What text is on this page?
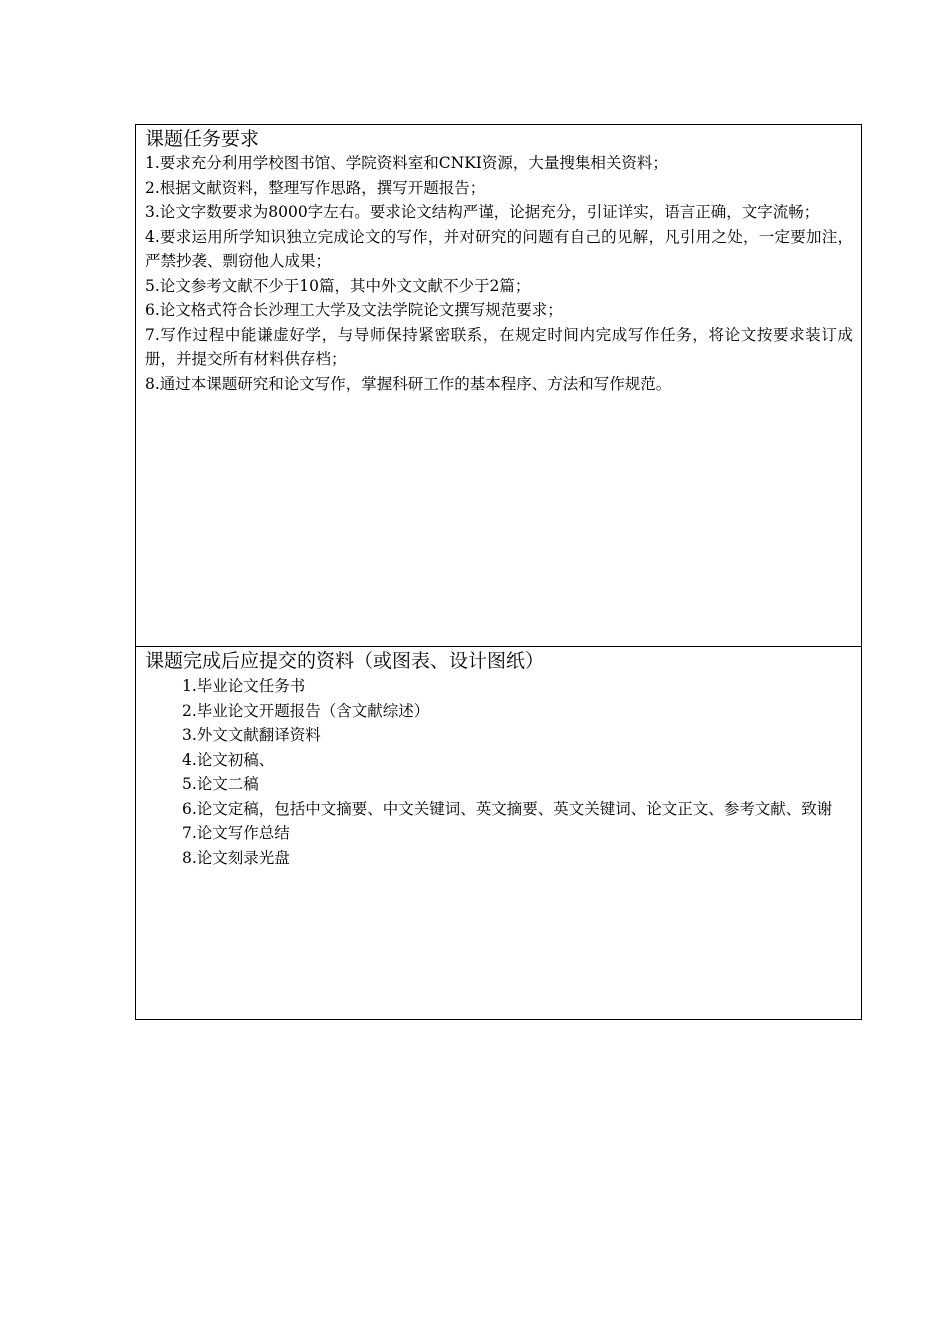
课题任务要求

1.要求充分利用学校图书馆、学院资料室和CNKI资源，大量搜集相关资料；

2.根据文献资料，整理写作思路，撰写开题报告；

3.论文字数要求为8000字左右。要求论文结构严谨，论据充分，引证详实，语言正确，文字流畅；

4.要求运用所学知识独立完成论文的写作，并对研究的问题有自己的见解，凡引用之处，一定要加注，严禁抄袭、剽窃他人成果；

5.论文参考文献不少于10篇，其中外文文献不少于2篇；

6.论文格式符合长沙理工大学及文法学院论文撰写规范要求；

7.写作过程中能谦虚好学，与导师保持紧密联系，在规定时间内完成写作任务，将论文按要求装订成册，并提交所有材料供存档；

8.通过本课题研究和论文写作，掌握科研工作的基本程序、方法和写作规范。

课题完成后应提交的资料（或图表、设计图纸）

1.毕业论文任务书

2.毕业论文开题报告（含文献综述）

3.外文文献翻译资料

4.论文初稿、

5.论文二稿

6.论文定稿，包括中文摘要、中文关键词、英文摘要、英文关键词、论文正文、参考文献、致谢

7.论文写作总结

8.论文刻录光盘
